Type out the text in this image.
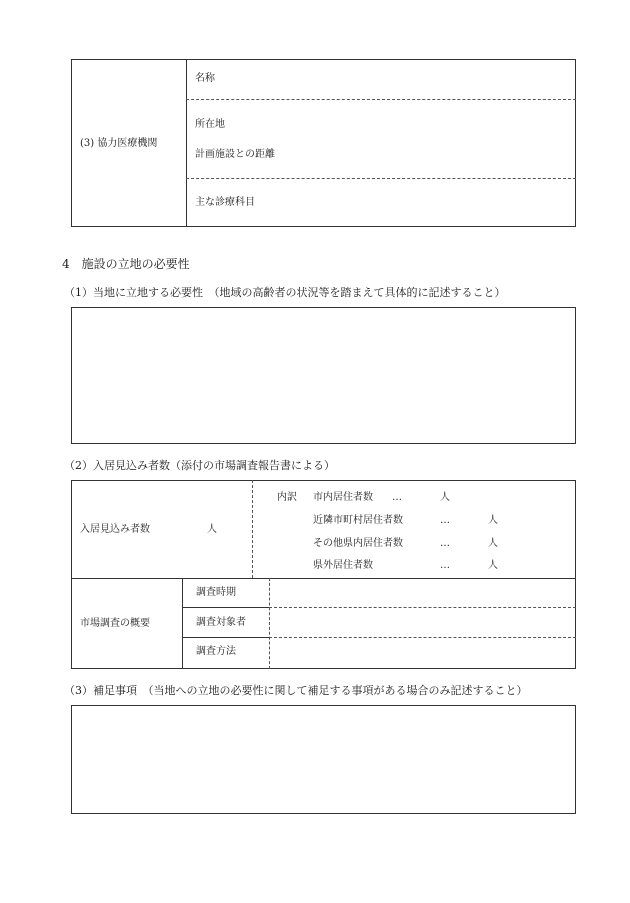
(3) 協力医療機関
名称
所在地
計画施設との距離
主な診療科目
4　施設の立地の必要性
（1）当地に立地する必要性　（地域の高齢者の状況等を踏まえて具体的に記述すること）
（2）入居見込み者数（添付の市場調査報告書による）
入居見込み者数	人
内訳 市内居住者数 …	人
近隣市町村居住者数	…	人
その他県内居住者数	…	人
県外居住者数	…	人
市場調査の概要
調査時期
調査対象者
調査方法
（3）補足事項　（当地への立地の必要性に関して補足する事項がある場合のみ記述すること）
